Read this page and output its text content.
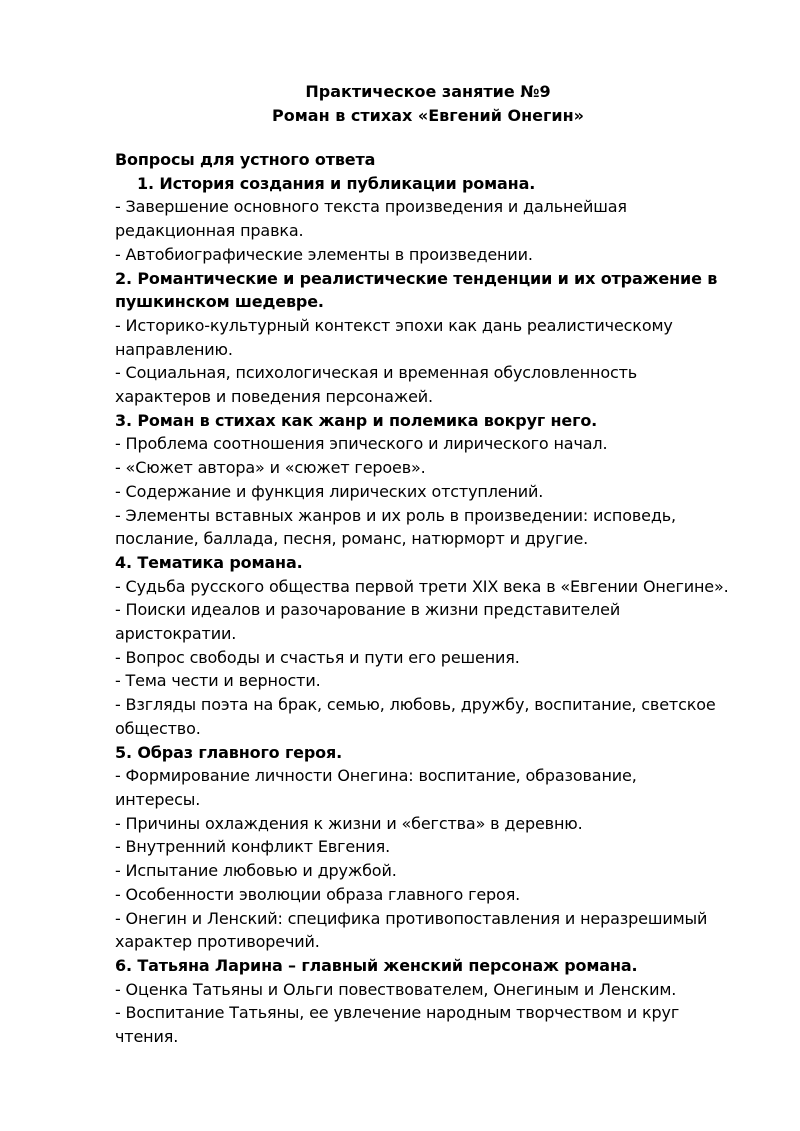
Практическое занятие №9
Роман в стихах «Евгений Онегин»
Вопросы для устного ответа
1. История создания и публикации романа.
- Завершение основного текста произведения и дальнейшая
редакционная правка.
- Автобиографические элементы в произведении.
2. Романтические и реалистические тенденции и их отражение в
пушкинском шедевре.
- Историко-культурный контекст эпохи как дань реалистическому
направлению.
- Социальная, психологическая и временная обусловленность
характеров и поведения персонажей.
3. Роман в стихах как жанр и полемика вокруг него.
- Проблема соотношения эпического и лирического начал.
- «Сюжет автора» и «сюжет героев».
- Содержание и функция лирических отступлений.
- Элементы вставных жанров и их роль в произведении: исповедь,
послание, баллада, песня, романс, натюрморт и другие.
4. Тематика романа.
- Судьба русского общества первой трети XIX века в «Евгении Онегине».
- Поиски идеалов и разочарование в жизни представителей
аристократии.
- Вопрос свободы и счастья и пути его решения.
- Тема чести и верности.
- Взгляды поэта на брак, семью, любовь, дружбу, воспитание, светское
общество.
5. Образ главного героя.
- Формирование личности Онегина: воспитание, образование,
интересы.
- Причины охлаждения к жизни и «бегства» в деревню.
- Внутренний конфликт Евгения.
- Испытание любовью и дружбой.
- Особенности эволюции образа главного героя.
- Онегин и Ленский: специфика противопоставления и неразрешимый
характер противоречий.
6. Татьяна Ларина – главный женский персонаж романа.
- Оценка Татьяны и Ольги повествователем, Онегиным и Ленским.
- Воспитание Татьяны, ее увлечение народным творчеством и круг
чтения.
